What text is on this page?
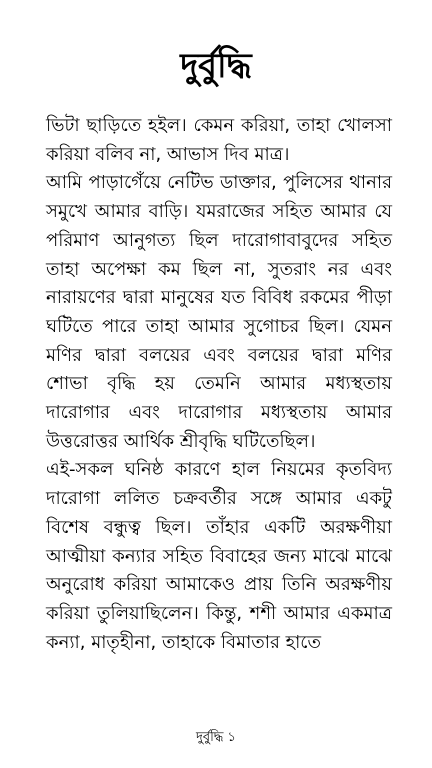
দুর্বুদ্ধি

ভিটা ছাড়িতে হইল। কেমন করিয়া, তাহা খোলসা করিয়া বলিব না, আভাস দিব মাত্র।

আমি পাড়াগেঁয়ে নেটিভ ডাক্তার, পুলিসের থানার সমুখে আমার বাড়ি। যমরাজের সহিত আমার যে পরিমাণ আনুগত্য ছিল দারোগাবাবুদের সহিত তাহা অপেক্ষা কম ছিল না, সুতরাং নর এবং নারায়ণের দ্বারা মানুষের যত বিবিধ রকমের পীড়া ঘটিতে পারে তাহা আমার সুগোচর ছিল। যেমন মণির দ্বারা বলয়ের এবং বলয়ের দ্বারা মণির শোভা বৃদ্ধি হয় তেমনি আমার মধ্যস্থতায় দারোগার এবং দারোগার মধ্যস্থতায় আমার উত্তরোত্তর আর্থিক শ্রীবৃদ্ধি ঘটিতেছিল।

এই-সকল ঘনিষ্ঠ কারণে হাল নিয়মের কৃতবিদ্য দারোগা ললিত চক্রবর্তীর সঙ্গে আমার একটু বিশেষ বন্ধুত্ব ছিল। তাঁহার একটি অরক্ষণীয়া আত্মীয়া কন্যার সহিত বিবাহের জন্য মাঝে মাঝে অনুরোধ করিয়া আমাকেও প্রায় তিনি অরক্ষণীয় করিয়া তুলিয়াছিলেন। কিন্তু, শশী আমার একমাত্র কন্যা, মাতৃহীনা, তাহাকে বিমাতার হাতে

দুর্বুদ্ধি ১
